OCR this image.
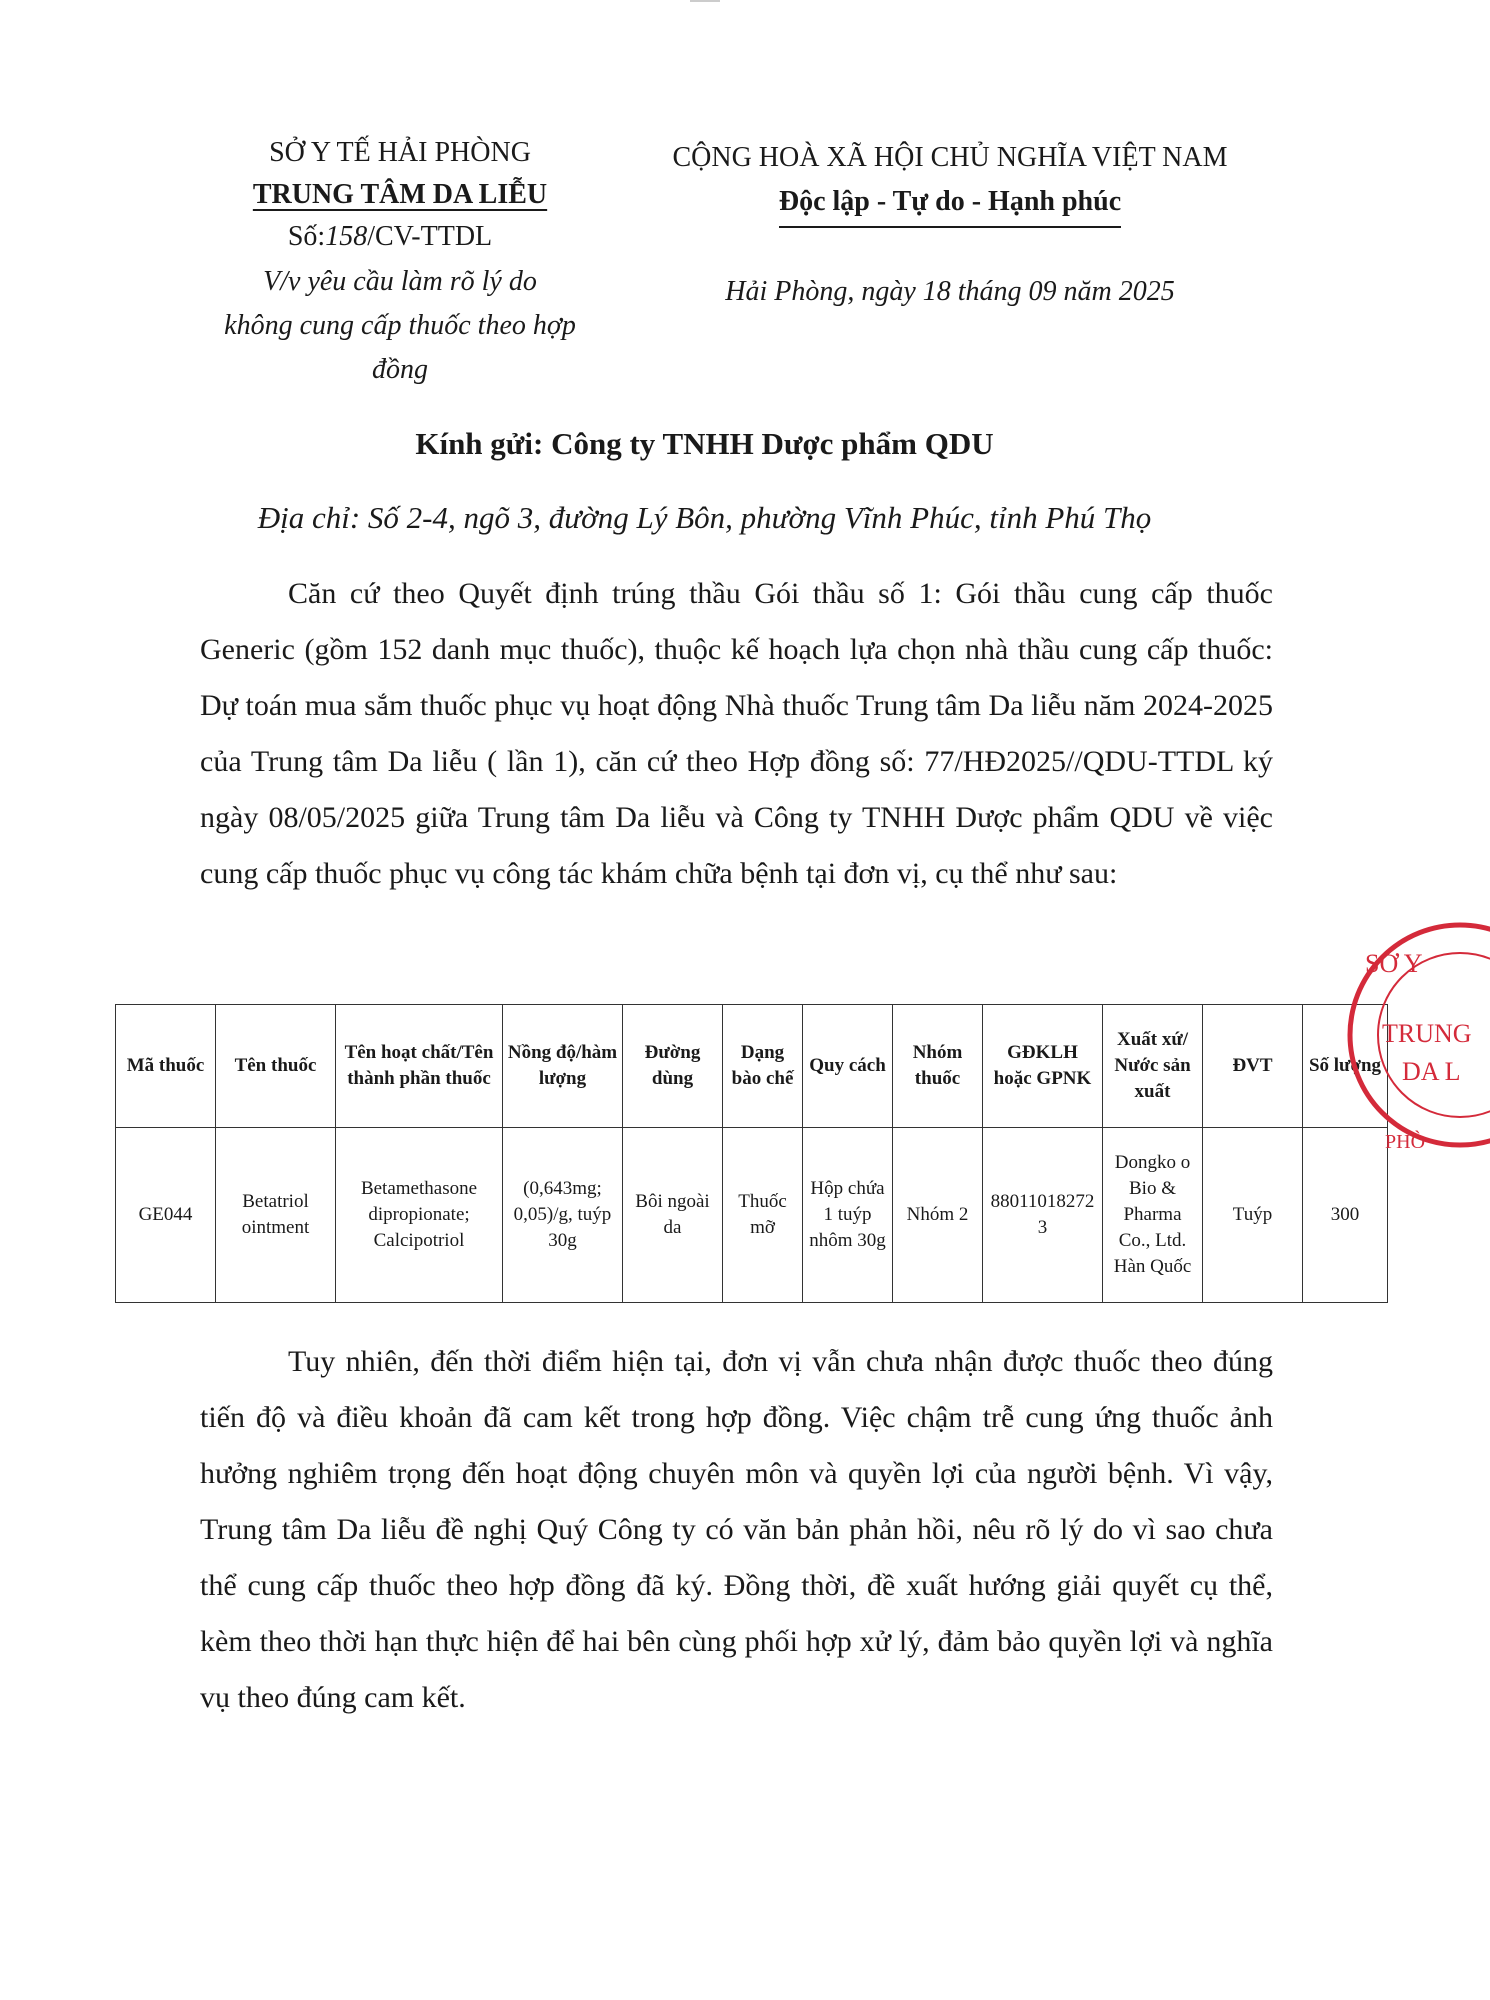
SỞ Y TẾ HẢI PHÒNG
TRUNG TÂM DA LIỄU
Số:158/CV-TTDL
V/v yêu cầu làm rõ lý do
không cung cấp thuốc theo hợp
đồng
CỘNG HOÀ XÃ HỘI CHỦ NGHĨA VIỆT NAM
Độc lập - Tự do - Hạnh phúc
Hải Phòng, ngày 18 tháng 09 năm 2025
Kính gửi: Công ty TNHH Dược phẩm QDU
Địa chỉ: Số 2-4, ngõ 3, đường Lý Bôn, phường Vĩnh Phúc, tỉnh Phú Thọ
Căn cứ theo Quyết định trúng thầu Gói thầu số 1: Gói thầu cung cấp thuốc Generic (gồm 152 danh mục thuốc), thuộc kế hoạch lựa chọn nhà thầu cung cấp thuốc: Dự toán mua sắm thuốc phục vụ hoạt động Nhà thuốc Trung tâm Da liễu năm 2024-2025 của Trung tâm Da liễu ( lần 1), căn cứ theo Hợp đồng số: 77/HĐ2025//QDU-TTDL ký ngày 08/05/2025 giữa Trung tâm Da liễu và Công ty TNHH Dược phẩm QDU về việc cung cấp thuốc phục vụ công tác khám chữa bệnh tại đơn vị, cụ thể như sau:
Mã thuốc	Tên thuốc	Tên hoạt chất/Tên thành phần thuốc	Nồng độ/hàm lượng	Đường dùng	Dạng bào chế	Quy cách	Nhóm thuốc	GĐKLH hoặc GPNK	Xuất xứ/ Nước sản xuất	ĐVT	Số lượng
GE044	Betatriol ointment	Betamethasone dipropionate; Calcipotriol	(0,643mg; 0,05)/g, tuýp 30g	Bôi ngoài da	Thuốc mỡ	Hộp chứa 1 tuýp nhôm 30g	Nhóm 2	880110182723	Dongko o Bio & Pharma Co., Ltd. Hàn Quốc	Tuýp	300
SỞ Y
TRUNG
DA L
PHÒ
Tuy nhiên, đến thời điểm hiện tại, đơn vị vẫn chưa nhận được thuốc theo đúng tiến độ và điều khoản đã cam kết trong hợp đồng. Việc chậm trễ cung ứng thuốc ảnh hưởng nghiêm trọng đến hoạt động chuyên môn và quyền lợi của người bệnh. Vì vậy, Trung tâm Da liễu đề nghị Quý Công ty có văn bản phản hồi, nêu rõ lý do vì sao chưa thể cung cấp thuốc theo hợp đồng đã ký. Đồng thời, đề xuất hướng giải quyết cụ thể, kèm theo thời hạn thực hiện để hai bên cùng phối hợp xử lý, đảm bảo quyền lợi và nghĩa vụ theo đúng cam kết.
